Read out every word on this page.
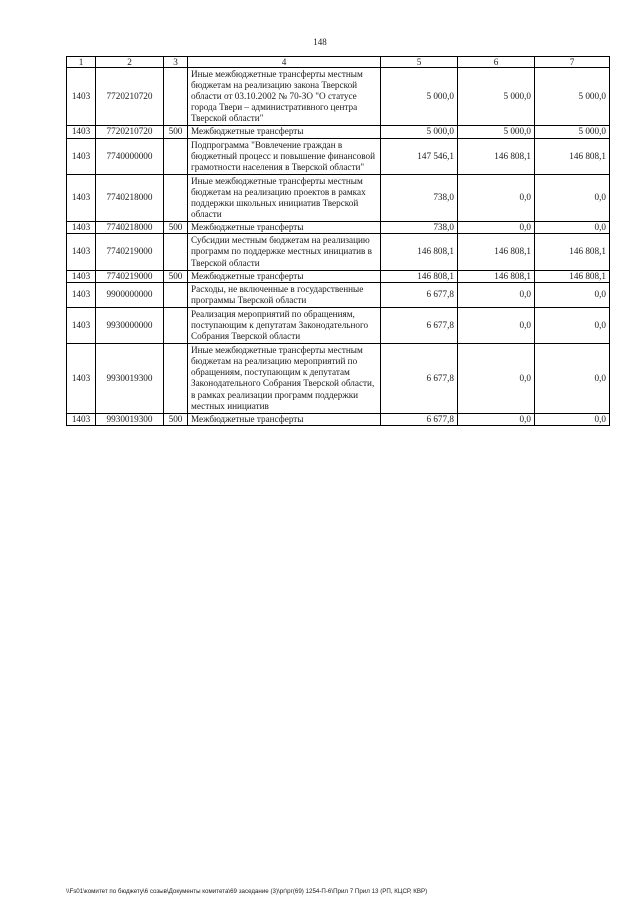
148
1	2	3	4	5	6	7
1403	7720210720		Иные межбюджетные трансферты местным бюджетам на реализацию закона Тверской области от 03.10.2002 № 70-ЗО "О статусе города Твери – административного центра Тверской области"	5 000,0	5 000,0	5 000,0
1403	7720210720	500	Межбюджетные трансферты	5 000,0	5 000,0	5 000,0
1403	7740000000		Подпрограмма "Вовлечение граждан в бюджетный процесс и повышение финансовой грамотности населения в Тверской области"	147 546,1	146 808,1	146 808,1
1403	7740218000		Иные межбюджетные трансферты местным бюджетам на реализацию проектов в рамках поддержки школьных инициатив Тверской области	738,0	0,0	0,0
1403	7740218000	500	Межбюджетные трансферты	738,0	0,0	0,0
1403	7740219000		Субсидии местным бюджетам на реализацию программ по поддержке местных инициатив в Тверской области	146 808,1	146 808,1	146 808,1
1403	7740219000	500	Межбюджетные трансферты	146 808,1	146 808,1	146 808,1
1403	9900000000		Расходы, не включенные в государственные программы Тверской области	6 677,8	0,0	0,0
1403	9930000000		Реализация мероприятий по обращениям, поступающим к депутатам Законодательного Собрания Тверской области	6 677,8	0,0	0,0
1403	9930019300		Иные межбюджетные трансферты местным бюджетам на реализацию мероприятий по обращениям, поступающим к депутатам Законодательного Собрания Тверской области, в рамках реализации программ поддержки местных инициатив	6 677,8	0,0	0,0
1403	9930019300	500	Межбюджетные трансферты	6 677,8	0,0	0,0
\\Fs01\комитет по бюджету\6 созыв\Документы комитета\69 заседание (3)\рг\рг(69) 1254-П-6\Прил 7 Прил 13 (РП, КЦСР, КВР)
